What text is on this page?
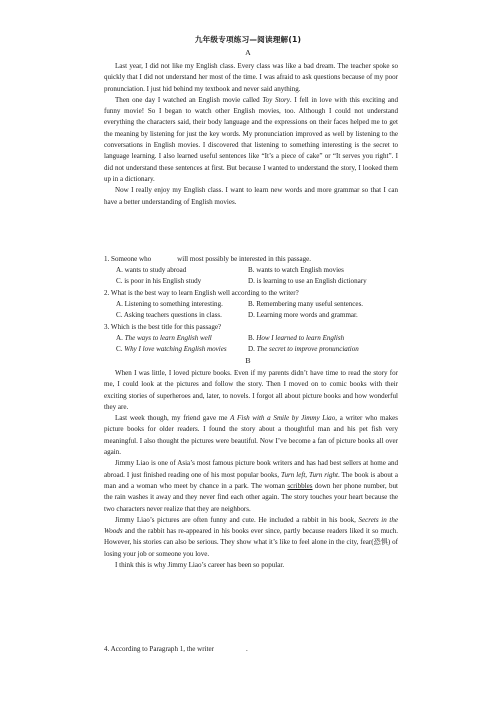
九年级专项练习—阅读理解(1)
A

Last year, I did not like my English class. Every class was like a bad dream. The teacher spoke so quickly that I did not understand her most of the time. I was afraid to ask questions because of my poor pronunciation. I just hid behind my textbook and never said anything.

Then one day I watched an English movie called Toy Story. I fell in love with this exciting and funny movie! So I began to watch other English movies, too. Although I could not understand everything the characters said, their body language and the expressions on their faces helped me to get the meaning by listening for just the key words. My pronunciation improved as well by listening to the conversations in English movies. I discovered that listening to something interesting is the secret to language learning. I also learned useful sentences like “It’s a piece of cake” or “It serves you right”. I did not understand these sentences at first. But because I wanted to understand the story, I looked them up in a dictionary.

Now I really enjoy my English class. I want to learn new words and more grammar so that I can have a better understanding of English movies.

1. Someone who	will most possibly be interested in this passage.
A. wants to study abroad	B. wants to watch English movies
C. is poor in his English study	D. is learning to use an English dictionary
2. What is the best way to learn English well according to the writer?
A. Listening to something interesting.	B. Remembering many useful sentences.
C. Asking teachers questions in class.	D. Learning more words and grammar.
3. Which is the best title for this passage?
A. The ways to learn English well	B. How I learned to learn English
C. Why I love watching English movies	D. The secret to improve pronunciation
B

When I was little, I loved picture books. Even if my parents didn’t have time to read the story for me, I could look at the pictures and follow the story. Then I moved on to comic books with their exciting stories of superheroes and, later, to novels. I forgot all about picture books and how wonderful they are.

Last week though, my friend gave me A Fish with a Smile by Jimmy Liao, a writer who makes picture books for older readers. I found the story about a thoughtful man and his pet fish very meaningful. I also thought the pictures were beautiful. Now I’ve become a fan of picture books all over again.

Jimmy Liao is one of Asia’s most famous picture book writers and has had best sellers at home and abroad. I just finished reading one of his most popular books, Turn left, Turn right. The book is about a man and a woman who meet by chance in a park. The woman scribbles down her phone number, but the rain washes it away and they never find each other again. The story touches your heart because the two characters never realize that they are neighbors.

Jimmy Liao’s pictures are often funny and cute. He included a rabbit in his book, Secrets in the Woods and the rabbit has re-appeared in his books ever since, partly because readers liked it so much. However, his stories can also be serious. They show what it’s like to feel alone in the city, fear(恐惧) of losing your job or someone you love.

I think this is why Jimmy Liao’s career has been so popular.

4. According to Paragraph 1, the writer	.
